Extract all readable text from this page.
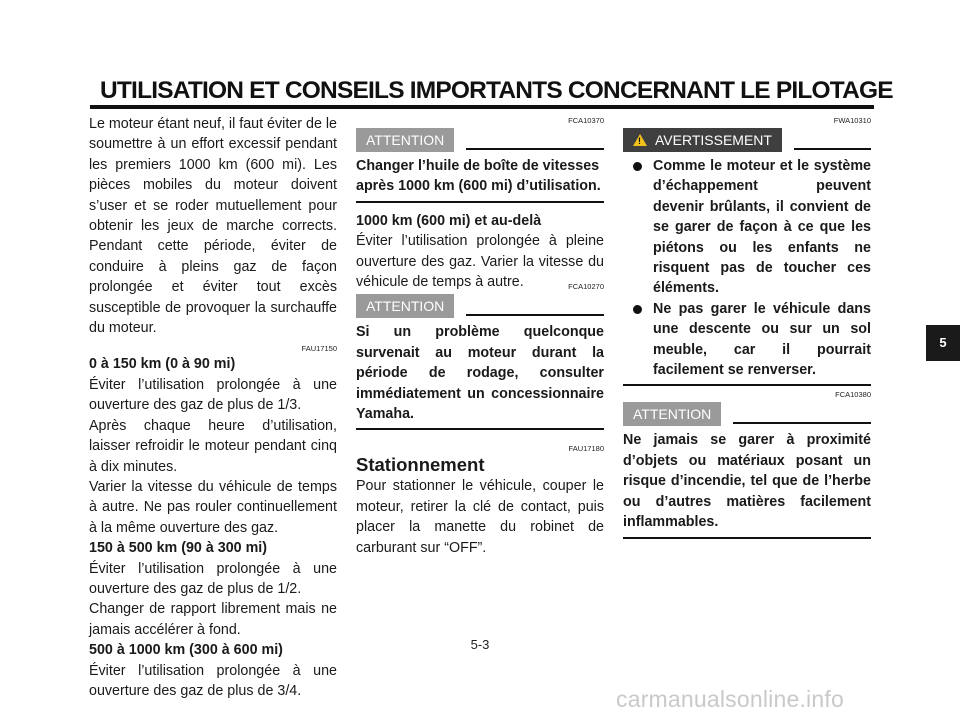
UTILISATION ET CONSEILS IMPORTANTS CONCERNANT LE PILOTAGE

Le moteur étant neuf, il faut éviter de le soumettre à un effort excessif pendant les premiers 1000 km (600 mi). Les pièces mobiles du moteur doivent s’user et se roder mutuellement pour obtenir les jeux de marche corrects. Pendant cette période, éviter de conduire à pleins gaz de façon prolongée et éviter tout excès susceptible de provoquer la surchauffe du moteur.

FAU17150

0 à 150 km (0 à 90 mi)

Éviter l’utilisation prolongée à une ouverture des gaz de plus de 1/3.

Après chaque heure d’utilisation, laisser refroidir le moteur pendant cinq à dix minutes.

Varier la vitesse du véhicule de temps à autre. Ne pas rouler continuellement à la même ouverture des gaz.

150 à 500 km (90 à 300 mi)

Éviter l’utilisation prolongée à une ouverture des gaz de plus de 1/2.

Changer de rapport librement mais ne jamais accélérer à fond.

500 à 1000 km (300 à 600 mi)

Éviter l’utilisation prolongée à une ouverture des gaz de plus de 3/4.

FCA10370
ATTENTION

Changer l’huile de boîte de vitesses après 1000 km (600 mi) d’utilisation.

1000 km (600 mi) et au-delà

Éviter l’utilisation prolongée à pleine ouverture des gaz. Varier la vitesse du véhicule de temps à autre.	FCA10270
ATTENTION

Si un problème quelconque survenait au moteur durant la période de rodage, consulter immédiatement un concessionnaire Yamaha.

FAU17180

Stationnement

Pour stationner le véhicule, couper le moteur, retirer la clé de contact, puis placer la manette du robinet de carburant sur “OFF”.

FWA10310
! AVERTISSEMENT
Comme le moteur et le système d’échappement peuvent devenir brûlants, il convient de se garer de façon à ce que les piétons ou les enfants ne risquent pas de toucher ces éléments.
Ne pas garer le véhicule dans une descente ou sur un sol meuble, car il pourrait facilement se renverser.
FCA10380
ATTENTION

Ne jamais se garer à proximité d’objets ou matériaux posant un risque d’incendie, tel que de l’herbe ou d’autres matières facilement inflammables.

5
5-3
carmanualsonline.info
